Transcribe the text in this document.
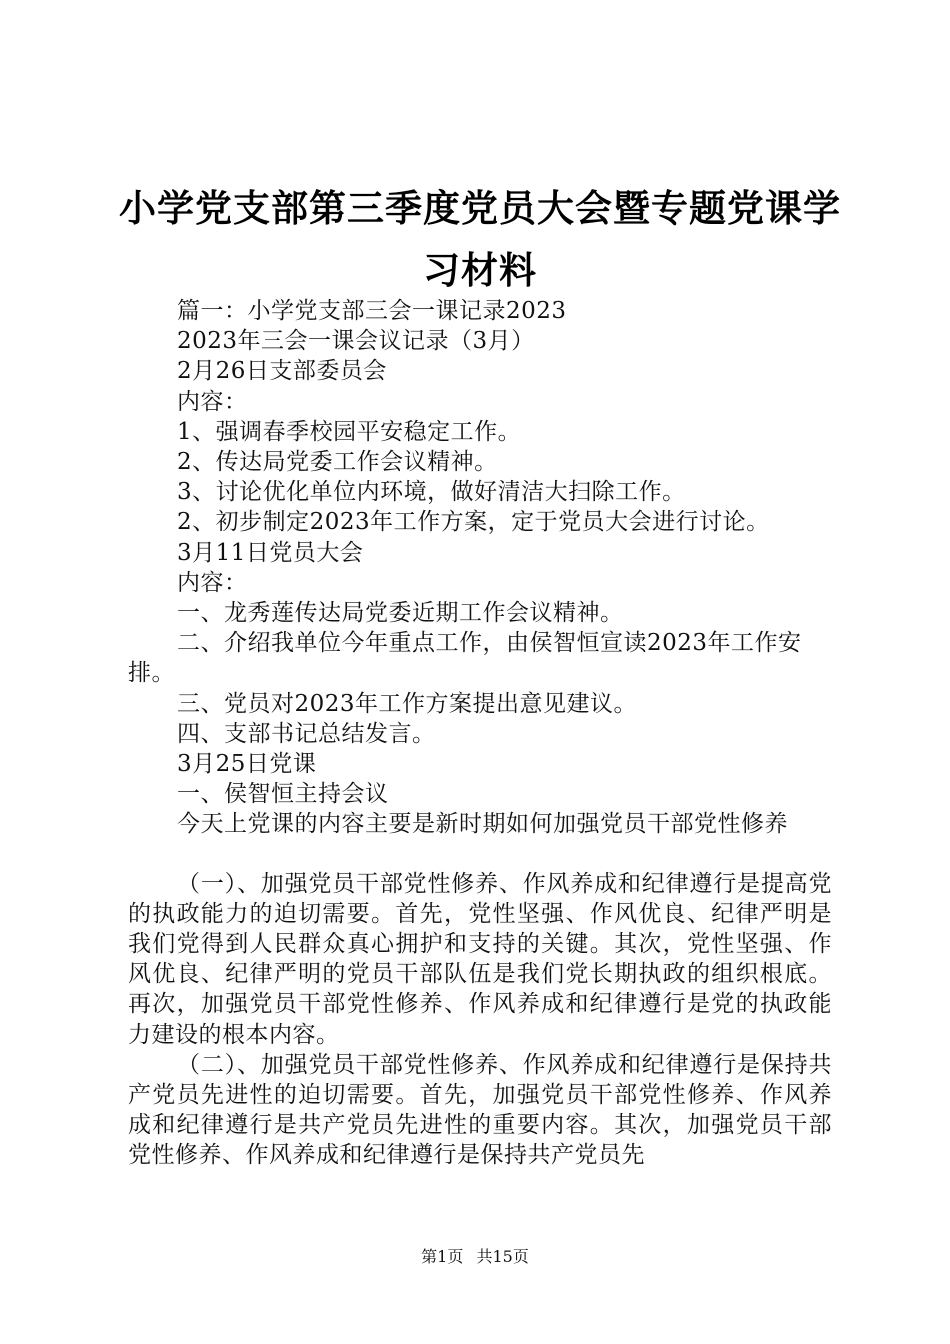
小学党支部第三季度党员大会暨专题党课学习材料

篇一：小学党支部三会一课记录2023

2023年三会一课会议记录（3月）

2月26日支部委员会

内容：

1、强调春季校园平安稳定工作。

2、传达局党委工作会议精神。

3、讨论优化单位内环境，做好清洁大扫除工作。

2、初步制定2023年工作方案，定于党员大会进行讨论。

3月11日党员大会

内容：

一、龙秀莲传达局党委近期工作会议精神。

二、介绍我单位今年重点工作，由侯智恒宣读2023年工作安排。

三、党员对2023年工作方案提出意见建议。

四、支部书记总结发言。

3月25日党课

一、侯智恒主持会议

今天上党课的内容主要是新时期如何加强党员干部党性修养

（一）、加强党员干部党性修养、作风养成和纪律遵行是提高党的执政能力的迫切需要。首先，党性坚强、作风优良、纪律严明是我们党得到人民群众真心拥护和支持的关键。其次，党性坚强、作风优良、纪律严明的党员干部队伍是我们党长期执政的组织根底。再次，加强党员干部党性修养、作风养成和纪律遵行是党的执政能力建设的根本内容。

（二）、加强党员干部党性修养、作风养成和纪律遵行是保持共产党员先进性的迫切需要。首先，加强党员干部党性修养、作风养成和纪律遵行是共产党员先进性的重要内容。其次，加强党员干部党性修养、作风养成和纪律遵行是保持共产党员先

第1页 共15页
